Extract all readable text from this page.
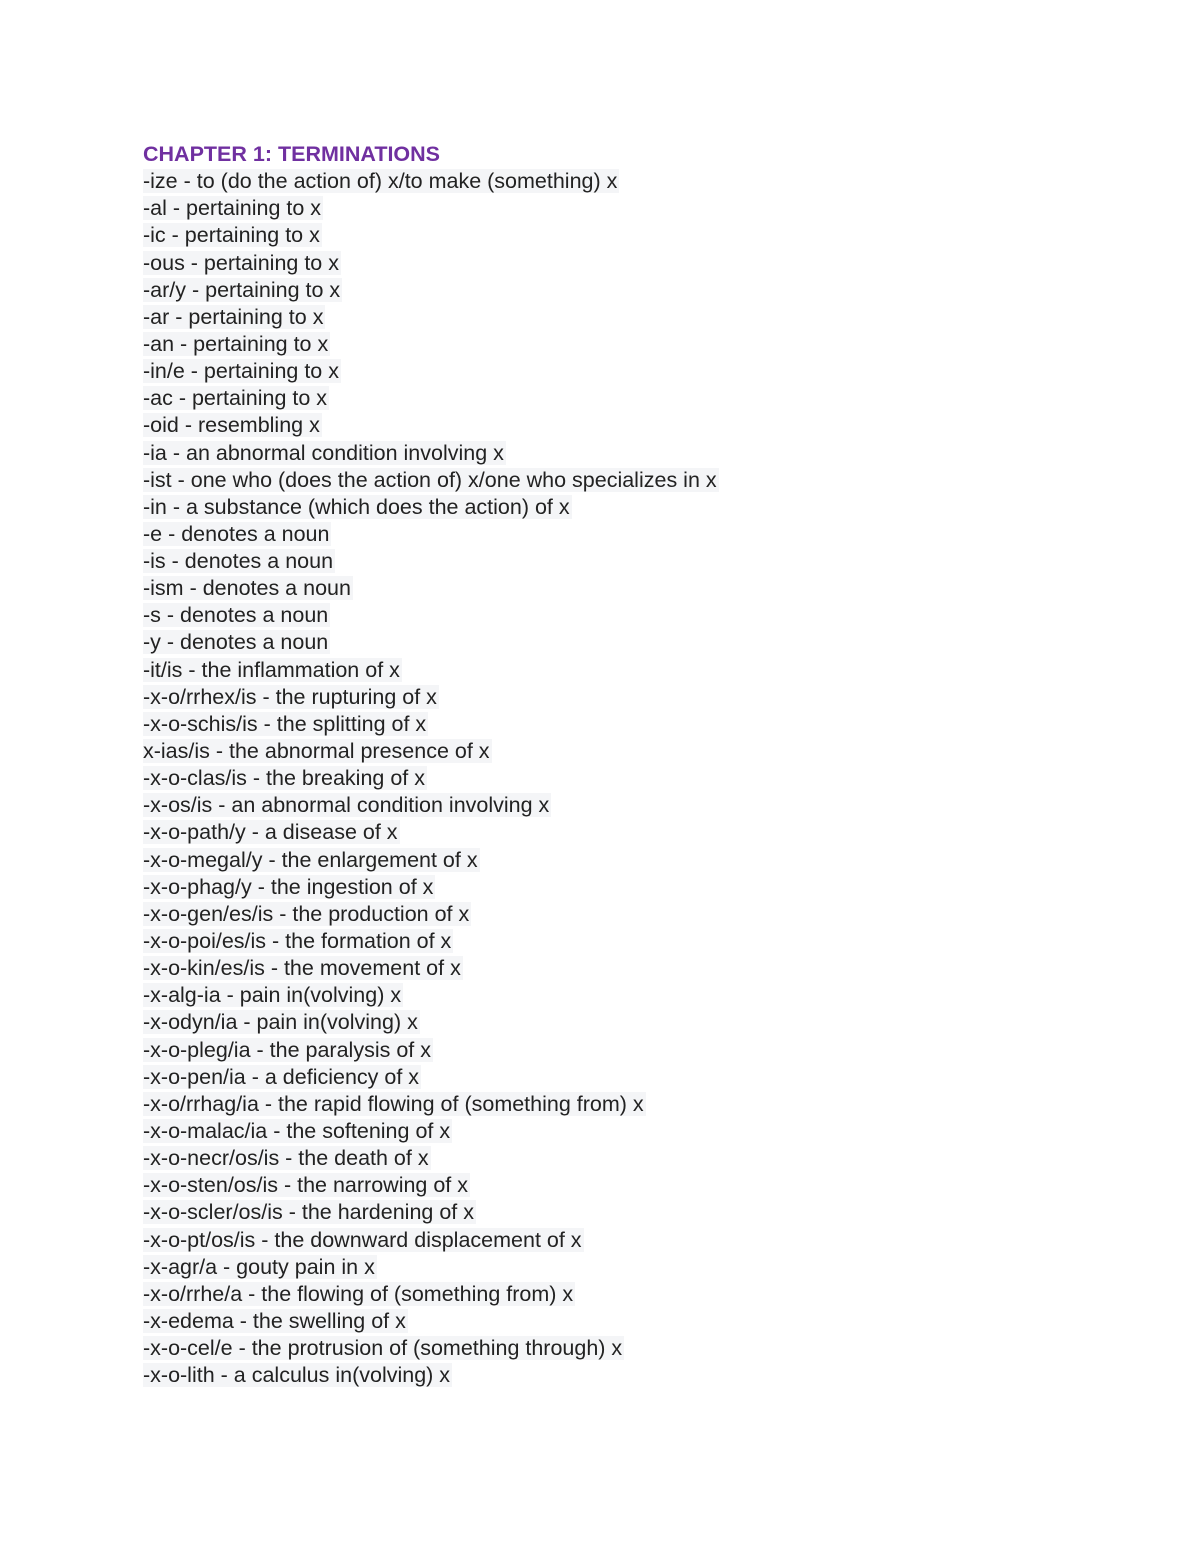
CHAPTER 1: TERMINATIONS
-ize - to (do the action of) x/to make (something) x
-al - pertaining to x
-ic - pertaining to x
-ous - pertaining to x
-ar/y - pertaining to x
-ar - pertaining to x
-an - pertaining to x
-in/e - pertaining to x
-ac - pertaining to x
-oid - resembling x
-ia - an abnormal condition involving x
-ist - one who (does the action of) x/one who specializes in x
-in - a substance (which does the action) of x
-e - denotes a noun
-is - denotes a noun
-ism - denotes a noun
-s - denotes a noun
-y - denotes a noun
-it/is - the inflammation of x
-x-o/rrhex/is - the rupturing of x
-x-o-schis/is - the splitting of x
x-ias/is - the abnormal presence of x
-x-o-clas/is - the breaking of x
-x-os/is - an abnormal condition involving x
-x-o-path/y - a disease of x
-x-o-megal/y - the enlargement of x
-x-o-phag/y - the ingestion of x
-x-o-gen/es/is - the production of x
-x-o-poi/es/is - the formation of x
-x-o-kin/es/is - the movement of x
-x-alg-ia - pain in(volving) x
-x-odyn/ia - pain in(volving) x
-x-o-pleg/ia - the paralysis of x
-x-o-pen/ia - a deficiency of x
-x-o/rrhag/ia - the rapid flowing of (something from) x
-x-o-malac/ia - the softening of x
-x-o-necr/os/is - the death of x
-x-o-sten/os/is - the narrowing of x
-x-o-scler/os/is - the hardening of x
-x-o-pt/os/is - the downward displacement of x
-x-agr/a - gouty pain in x
-x-o/rrhe/a - the flowing of (something from) x
-x-edema - the swelling of x
-x-o-cel/e - the protrusion of (something through) x
-x-o-lith - a calculus in(volving) x
